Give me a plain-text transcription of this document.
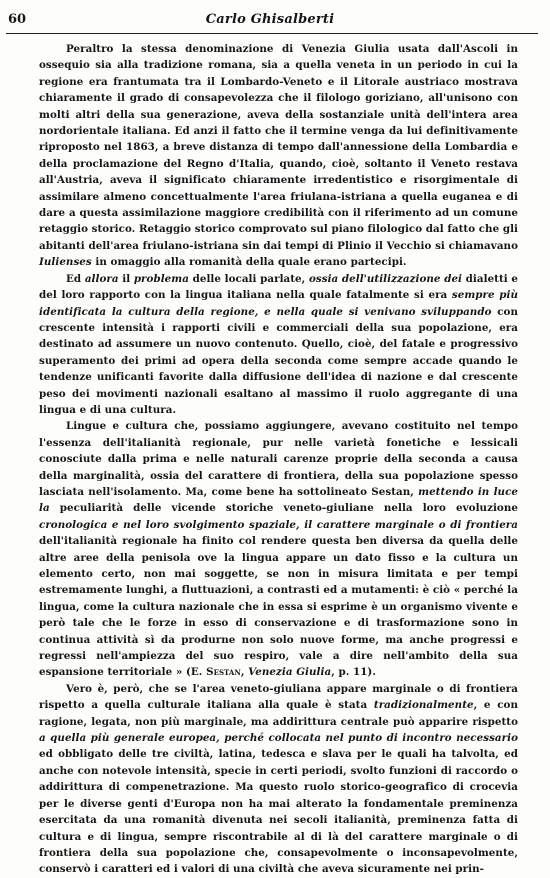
60	Carlo Ghisalberti

Peraltro la stessa denominazione di Venezia Giulia usata dall'Ascoli in ossequio sia alla tradizione romana, sia a quella veneta in un periodo in cui la regione era frantumata tra il Lombardo-Veneto e il Litorale austriaco mostrava chiaramente il grado di consapevolezza che il filologo goriziano, all'unisono con molti altri della sua generazione, aveva della sostanziale unità dell'intera area nordorientale italiana. Ed anzi il fatto che il termine venga da lui definitivamente riproposto nel 1863, a breve distanza di tempo dall'annessione della Lombardia e della proclamazione del Regno d'Italia, quando, cioè, soltanto il Veneto restava all'Austria, aveva il significato chiaramente irredentistico e risorgimentale di assimilare almeno concettualmente l'area friulana-istriana a quella euganea e di dare a questa assimilazione maggiore credibilità con il riferimento ad un comune retaggio storico. Retaggio storico comprovato sul piano filologico dal fatto che gli abitanti dell'area friulano-istriana sin dai tempi di Plinio il Vecchio si chiamavano Iulienses in omaggio alla romanità della quale erano partecipi.

Ed allora il problema delle locali parlate, ossia dell'utilizzazione dei dialetti e del loro rapporto con la lingua italiana nella quale fatalmente si era sempre più identificata la cultura della regione, e nella quale si venivano sviluppando con crescente intensità i rapporti civili e commerciali della sua popolazione, era destinato ad assumere un nuovo contenuto. Quello, cioè, del fatale e progressivo superamento dei primi ad opera della seconda come sempre accade quando le tendenze unificanti favorite dalla diffusione dell'idea di nazione e dal crescente peso dei movimenti nazionali esaltano al massimo il ruolo aggregante di una lingua e di una cultura.

Lingue e cultura che, possiamo aggiungere, avevano costituito nel tempo l'essenza dell'italianità regionale, pur nelle varietà fonetiche e lessicali conosciute dalla prima e nelle naturali carenze proprie della seconda a causa della marginalità, ossia del carattere di frontiera, della sua popolazione spesso lasciata nell'isolamento. Ma, come bene ha sottolineato Sestan, mettendo in luce la peculiarità delle vicende storiche veneto-giuliane nella loro evoluzione cronologica e nel loro svolgimento spaziale, il carattere marginale o di frontiera dell'italianità regionale ha finito col rendere questa ben diversa da quella delle altre aree della penisola ove la lingua appare un dato fisso e la cultura un elemento certo, non mai soggette, se non in misura limitata e per tempi estremamente lunghi, a fluttuazioni, a contrasti ed a mutamenti: è ciò « perché la lingua, come la cultura nazionale che in essa si esprime è un organismo vivente e però tale che le forze in esso di conservazione e di trasformazione sono in continua attività sì da produrne non solo nuove forme, ma anche progressi e regressi nell'ampiezza del suo respiro, vale a dire nell'ambito della sua espansione territoriale » (E. Sestan, Venezia Giulia, p. 11).

Vero è, però, che se l'area veneto-giuliana appare marginale o di frontiera rispetto a quella culturale italiana alla quale è stata tradizionalmente, e con ragione, legata, non più marginale, ma addirittura centrale può apparire rispetto a quella più generale europea, perché collocata nel punto di incontro necessario ed obbligato delle tre civiltà, latina, tedesca e slava per le quali ha talvolta, ed anche con notevole intensità, specie in certi periodi, svolto funzioni di raccordo o addirittura di compenetrazione. Ma questo ruolo storico-geografico di crocevia per le diverse genti d'Europa non ha mai alterato la fondamentale preminenza esercitata da una romanità divenuta nei secoli italianità, preminenza fatta di cultura e di lingua, sempre riscontrabile al di là del carattere marginale o di frontiera della sua popolazione che, consapevolmente o inconsapevolmente, conservò i caratteri ed i valori di una civiltà che aveva sicuramente nei prin-
